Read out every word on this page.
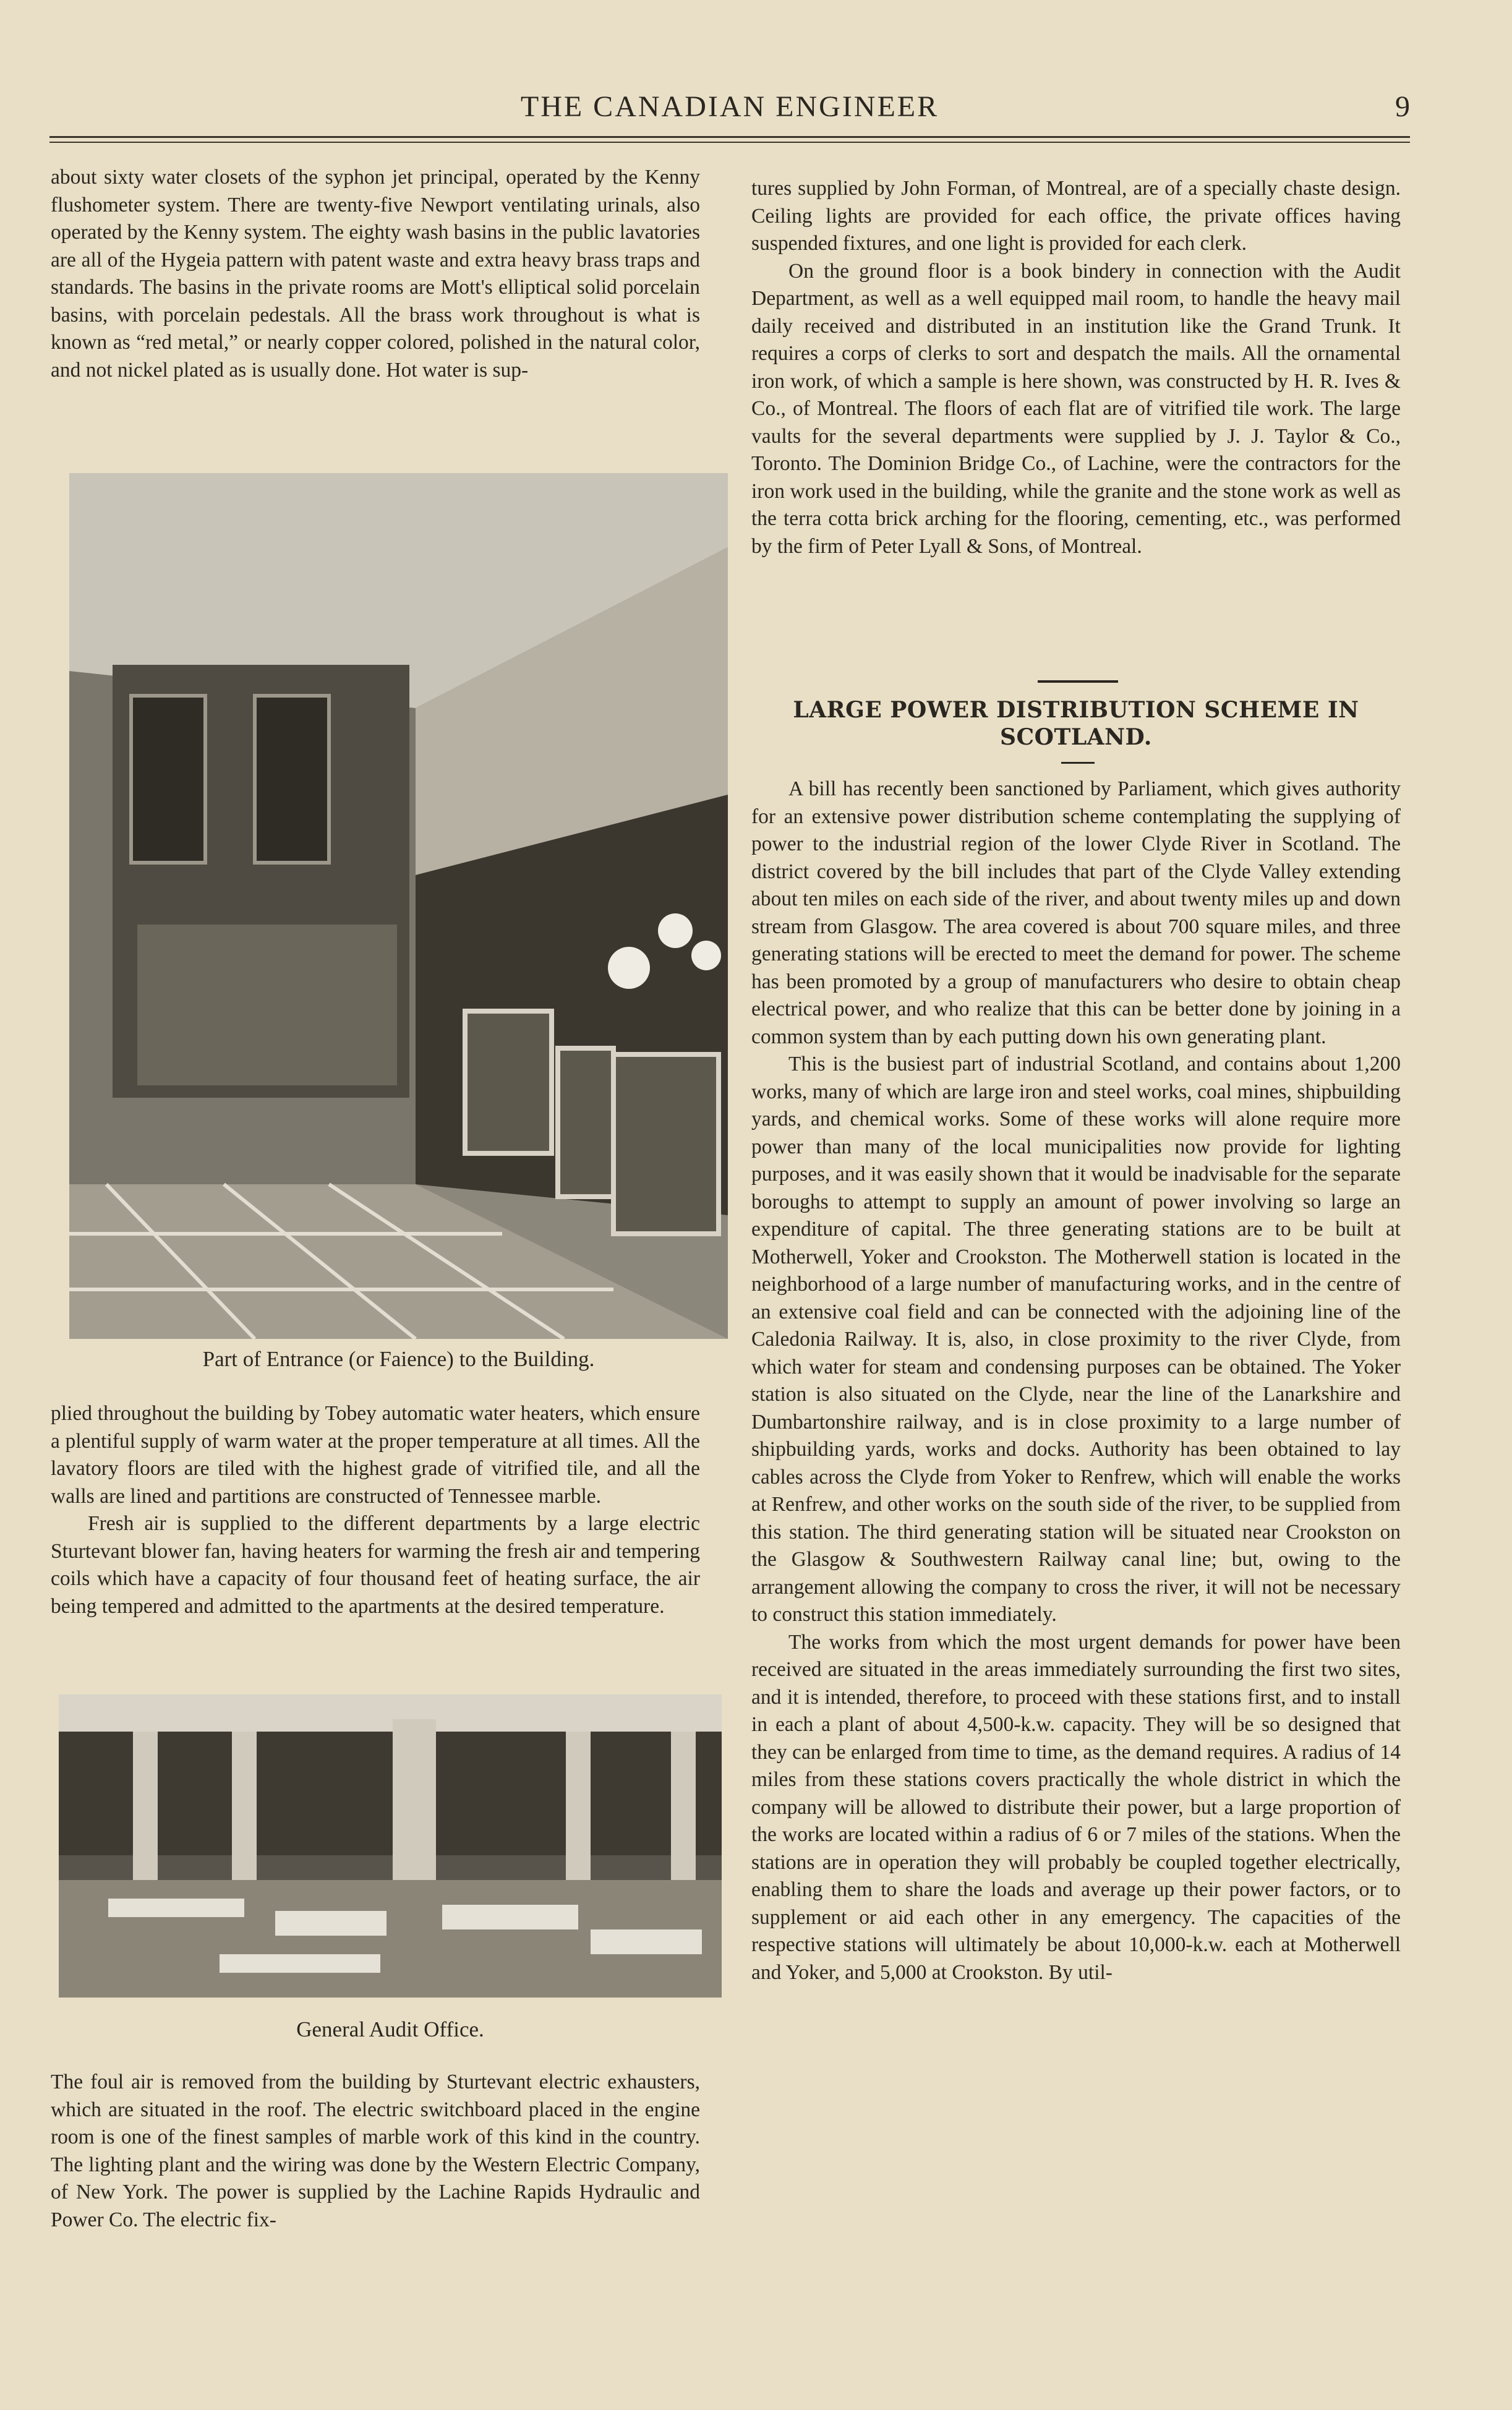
THE CANADIAN ENGINEER	9

about sixty water closets of the syphon jet principal, operated by the Kenny flushometer system. There are twenty-five Newport ventilating urinals, also operated by the Kenny system. The eighty wash basins in the public lavatories are all of the Hygeia pattern with patent waste and extra heavy brass traps and standards. The basins in the private rooms are Mott's elliptical solid porcelain basins, with porcelain pedestals. All the brass work throughout is what is known as “red metal,” or nearly copper colored, polished in the natural color, and not nickel plated as is usually done. Hot water is sup-

Part of Entrance (or Faience) to the Building.

plied throughout the building by Tobey automatic water heaters, which ensure a plentiful supply of warm water at the proper temperature at all times. All the lavatory floors are tiled with the highest grade of vitrified tile, and all the walls are lined and partitions are constructed of Tennessee marble.

Fresh air is supplied to the different departments by a large electric Sturtevant blower fan, having heaters for warming the fresh air and tempering coils which have a capacity of four thousand feet of heating surface, the air being tempered and admitted to the apartments at the desired temperature.

General Audit Office.

The foul air is removed from the building by Sturtevant electric exhausters, which are situated in the roof. The electric switchboard placed in the engine room is one of the finest samples of marble work of this kind in the country. The lighting plant and the wiring was done by the Western Electric Company, of New York. The power is supplied by the Lachine Rapids Hydraulic and Power Co. The electric fix-

tures supplied by John Forman, of Montreal, are of a specially chaste design. Ceiling lights are provided for each office, the private offices having suspended fixtures, and one light is provided for each clerk.

On the ground floor is a book bindery in connection with the Audit Department, as well as a well equipped mail room, to handle the heavy mail daily received and distributed in an institution like the Grand Trunk. It requires a corps of clerks to sort and despatch the mails. All the ornamental iron work, of which a sample is here shown, was constructed by H. R. Ives & Co., of Montreal. The floors of each flat are of vitrified tile work. The large vaults for the several departments were supplied by J. J. Taylor & Co., Toronto. The Dominion Bridge Co., of Lachine, were the contractors for the iron work used in the building, while the granite and the stone work as well as the terra cotta brick arching for the flooring, cementing, etc., was performed by the firm of Peter Lyall & Sons, of Montreal.

LARGE POWER DISTRIBUTION SCHEME IN
SCOTLAND.

A bill has recently been sanctioned by Parliament, which gives authority for an extensive power distribution scheme contemplating the supplying of power to the industrial region of the lower Clyde River in Scotland. The district covered by the bill includes that part of the Clyde Valley extending about ten miles on each side of the river, and about twenty miles up and down stream from Glasgow. The area covered is about 700 square miles, and three generating stations will be erected to meet the demand for power. The scheme has been promoted by a group of manufacturers who desire to obtain cheap electrical power, and who realize that this can be better done by joining in a common system than by each putting down his own generating plant.

This is the busiest part of industrial Scotland, and contains about 1,200 works, many of which are large iron and steel works, coal mines, shipbuilding yards, and chemical works. Some of these works will alone require more power than many of the local municipalities now provide for lighting purposes, and it was easily shown that it would be inadvisable for the separate boroughs to attempt to supply an amount of power involving so large an expenditure of capital. The three generating stations are to be built at Motherwell, Yoker and Crookston. The Motherwell station is located in the neighborhood of a large number of manufacturing works, and in the centre of an extensive coal field and can be connected with the adjoining line of the Caledonia Railway. It is, also, in close proximity to the river Clyde, from which water for steam and condensing purposes can be obtained. The Yoker station is also situated on the Clyde, near the line of the Lanarkshire and Dumbartonshire railway, and is in close proximity to a large number of shipbuilding yards, works and docks. Authority has been obtained to lay cables across the Clyde from Yoker to Renfrew, which will enable the works at Renfrew, and other works on the south side of the river, to be supplied from this station. The third generating station will be situated near Crookston on the Glasgow & Southwestern Railway canal line; but, owing to the arrangement allowing the company to cross the river, it will not be necessary to construct this station immediately.

The works from which the most urgent demands for power have been received are situated in the areas immediately surrounding the first two sites, and it is intended, therefore, to proceed with these stations first, and to install in each a plant of about 4,500-k.w. capacity. They will be so designed that they can be enlarged from time to time, as the demand requires. A radius of 14 miles from these stations covers practically the whole district in which the company will be allowed to distribute their power, but a large proportion of the works are located within a radius of 6 or 7 miles of the stations. When the stations are in operation they will probably be coupled together electrically, enabling them to share the loads and average up their power factors, or to supplement or aid each other in any emergency. The capacities of the respective stations will ultimately be about 10,000-k.w. each at Motherwell and Yoker, and 5,000 at Crookston. By util-
